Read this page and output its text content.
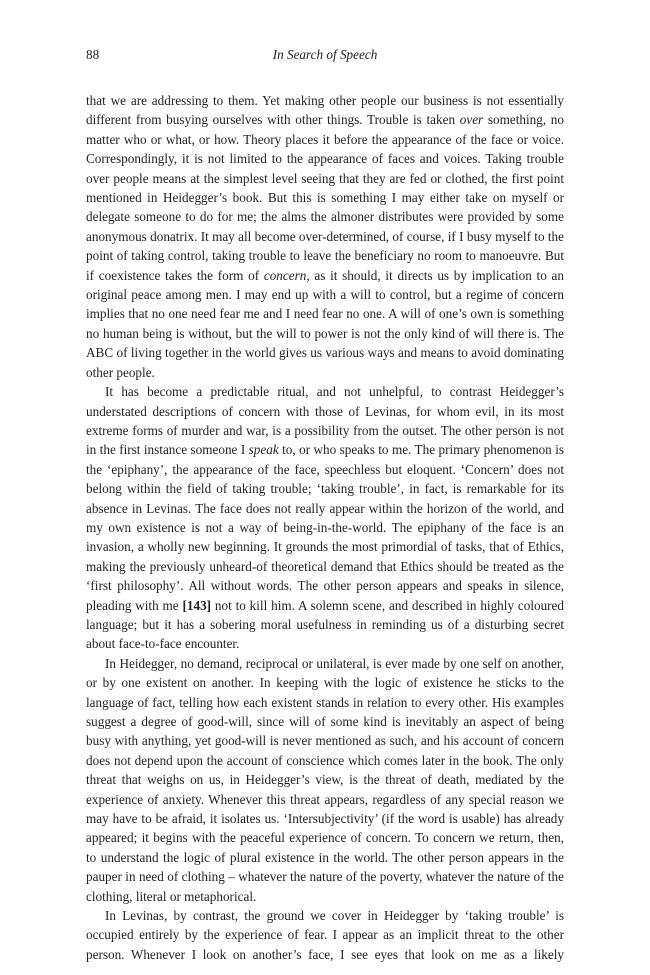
88	In Search of Speech

that we are addressing to them. Yet making other people our business is not essentially different from busying ourselves with other things. Trouble is taken over something, no matter who or what, or how. Theory places it before the appearance of the face or voice. Correspondingly, it is not limited to the appearance of faces and voices. Taking trouble over people means at the simplest level seeing that they are fed or clothed, the first point mentioned in Heidegger’s book. But this is something I may either take on myself or delegate someone to do for me; the alms the almoner distributes were provided by some anonymous donatrix. It may all become over-determined, of course, if I busy myself to the point of taking control, taking trouble to leave the beneficiary no room to manoeuvre. But if coexistence takes the form of concern, as it should, it directs us by implication to an original peace among men. I may end up with a will to control, but a regime of concern implies that no one need fear me and I need fear no one. A will of one’s own is something no human being is without, but the will to power is not the only kind of will there is. The ABC of living together in the world gives us various ways and means to avoid dominating other people.

It has become a predictable ritual, and not unhelpful, to contrast Heidegger’s understated descriptions of concern with those of Levinas, for whom evil, in its most extreme forms of murder and war, is a possibility from the outset. The other person is not in the first instance someone I speak to, or who speaks to me. The primary phenomenon is the ‘epiphany’, the appearance of the face, speechless but eloquent. ‘Concern’ does not belong within the field of taking trouble; ‘taking trouble’, in fact, is remarkable for its absence in Levinas. The face does not really appear within the horizon of the world, and my own existence is not a way of being-in-the-world. The epiphany of the face is an invasion, a wholly new beginning. It grounds the most primordial of tasks, that of Ethics, making the previously unheard-of theoretical demand that Ethics should be treated as the ‘first philosophy’. All without words. The other person appears and speaks in silence, pleading with me [143] not to kill him. A solemn scene, and described in highly coloured language; but it has a sobering moral usefulness in reminding us of a disturbing secret about face-to-face encounter.

In Heidegger, no demand, reciprocal or unilateral, is ever made by one self on another, or by one existent on another. In keeping with the logic of existence he sticks to the language of fact, telling how each existent stands in relation to every other. His examples suggest a degree of good-will, since will of some kind is inevitably an aspect of being busy with anything, yet good-will is never mentioned as such, and his account of concern does not depend upon the account of conscience which comes later in the book. The only threat that weighs on us, in Heidegger’s view, is the threat of death, mediated by the experience of anxiety. Whenever this threat appears, regardless of any special reason we may have to be afraid, it isolates us. ‘Intersubjectivity’ (if the word is usable) has already appeared; it begins with the peaceful experience of concern. To concern we return, then, to understand the logic of plural existence in the world. The other person appears in the pauper in need of clothing – whatever the nature of the poverty, whatever the nature of the clothing, literal or metaphorical.

In Levinas, by contrast, the ground we cover in Heidegger by ‘taking trouble’ is occupied entirely by the experience of fear. I appear as an implicit threat to the other person. Whenever I look on another’s face, I see eyes that look on me as a likely
